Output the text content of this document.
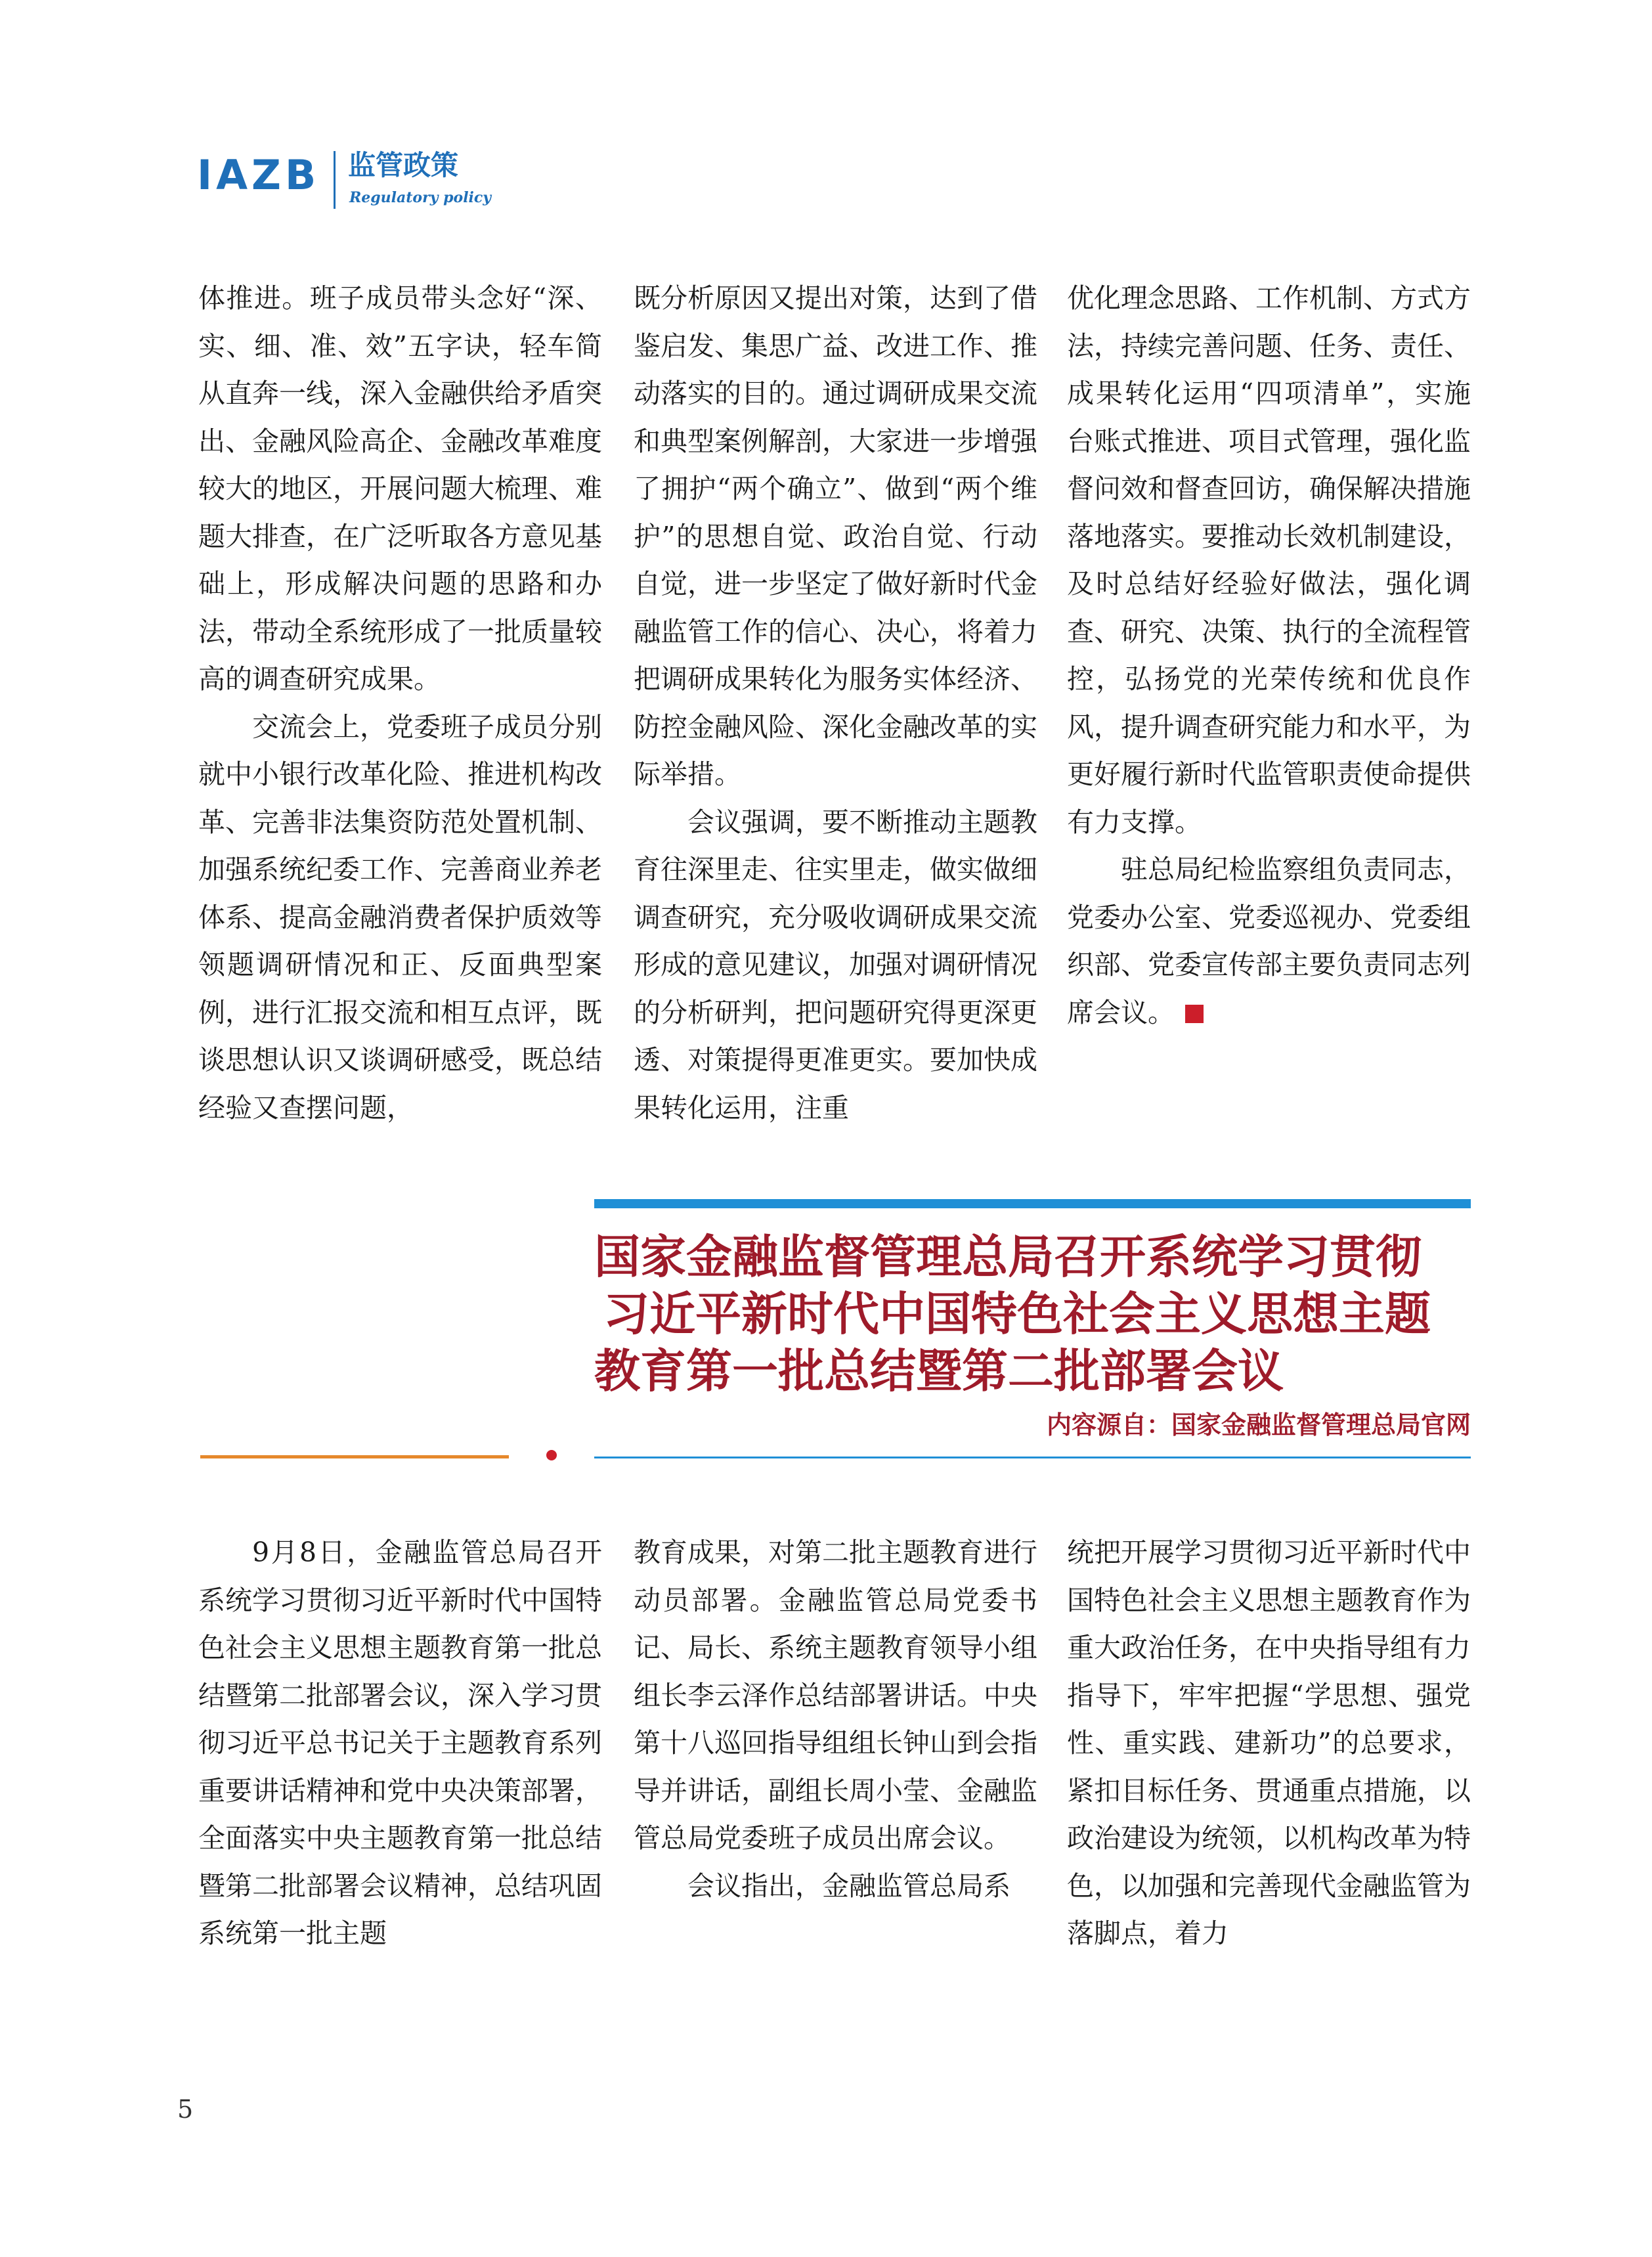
IAZB 监管政策
Regulatory policy

体推进。班子成员带头念好“深、实、细、准、效”五字诀，轻车简从直奔一线，深入金融供给矛盾突出、金融风险高企、金融改革难度较大的地区，开展问题大梳理、难题大排查，在广泛听取各方意见基础上，形成解决问题的思路和办法，带动全系统形成了一批质量较高的调查研究成果。

交流会上，党委班子成员分别就中小银行改革化险、推进机构改革、完善非法集资防范处置机制、加强系统纪委工作、完善商业养老体系、提高金融消费者保护质效等领题调研情况和正、反面典型案例，进行汇报交流和相互点评，既谈思想认识又谈调研感受，既总结经验又查摆问题，

既分析原因又提出对策，达到了借鉴启发、集思广益、改进工作、推动落实的目的。通过调研成果交流和典型案例解剖，大家进一步增强了拥护“两个确立”、做到“两个维护”的思想自觉、政治自觉、行动自觉，进一步坚定了做好新时代金融监管工作的信心、决心，将着力把调研成果转化为服务实体经济、防控金融风险、深化金融改革的实际举措。

会议强调，要不断推动主题教育往深里走、往实里走，做实做细调查研究，充分吸收调研成果交流形成的意见建议，加强对调研情况的分析研判，把问题研究得更深更透、对策提得更准更实。要加快成果转化运用，注重

优化理念思路、工作机制、方式方法，持续完善问题、任务、责任、成果转化运用“四项清单”，实施台账式推进、项目式管理，强化监督问效和督查回访，确保解决措施落地落实。要推动长效机制建设，及时总结好经验好做法，强化调查、研究、决策、执行的全流程管控，弘扬党的光荣传统和优良作风，提升调查研究能力和水平，为更好履行新时代监管职责使命提供有力支撑。

驻总局纪检监察组负责同志，党委办公室、党委巡视办、党委组织部、党委宣传部主要负责同志列席会议。

国家金融监督管理总局召开系统学习贯彻
习近平新时代中国特色社会主义思想主题
教育第一批总结暨第二批部署会议
内容源自：国家金融监督管理总局官网

9月8日，金融监管总局召开系统学习贯彻习近平新时代中国特色社会主义思想主题教育第一批总结暨第二批部署会议，深入学习贯彻习近平总书记关于主题教育系列重要讲话精神和党中央决策部署，全面落实中央主题教育第一批总结暨第二批部署会议精神，总结巩固系统第一批主题

教育成果，对第二批主题教育进行动员部署。金融监管总局党委书记、局长、系统主题教育领导小组组长李云泽作总结部署讲话。中央第十八巡回指导组组长钟山到会指导并讲话，副组长周小莹、金融监管总局党委班子成员出席会议。

会议指出，金融监管总局系

统把开展学习贯彻习近平新时代中国特色社会主义思想主题教育作为重大政治任务，在中央指导组有力指导下，牢牢把握“学思想、强党性、重实践、建新功”的总要求，紧扣目标任务、贯通重点措施，以政治建设为统领，以机构改革为特色，以加强和完善现代金融监管为落脚点，着力

5
